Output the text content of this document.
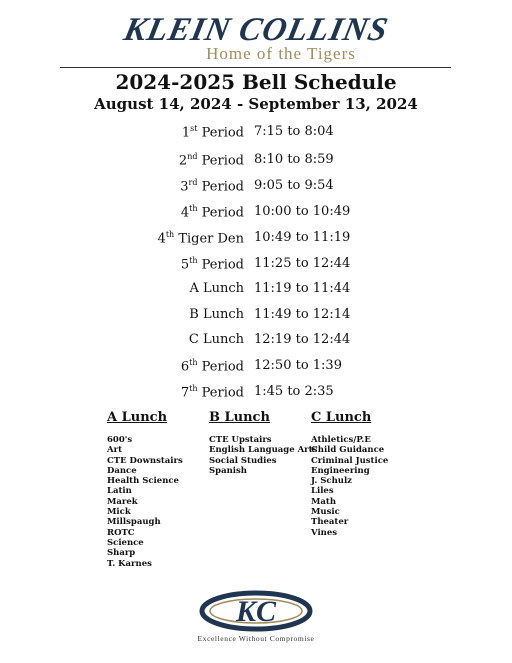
KLEIN COLLINS
Home of the Tigers
2024-2025 Bell Schedule
August 14, 2024 - September 13, 2024
1st Period 7:15 to 8:04
2nd Period 8:10 to 8:59
3rd Period 9:05 to 9:54
4th Period 10:00 to 10:49
4th Tiger Den 10:49 to 11:19
5th Period 11:25 to 12:44
A Lunch 11:19 to 11:44
B Lunch 11:49 to 12:14
C Lunch 12:19 to 12:44
6th Period 12:50 to 1:39
7th Period 1:45 to 2:35
A Lunch
600's
Art
CTE Downstairs
Dance
Health Science
Latin
Marek
Mick
Millspaugh
ROTC
Science
Sharp
T. Karnes
B Lunch
CTE Upstairs
English Language Arts
Social Studies
Spanish
C Lunch
Athletics/P.E
Child Guidance
Criminal Justice
Engineering
J. Schulz
Liles
Math
Music
Theater
Vines
KC
Excellence Without Compromise
